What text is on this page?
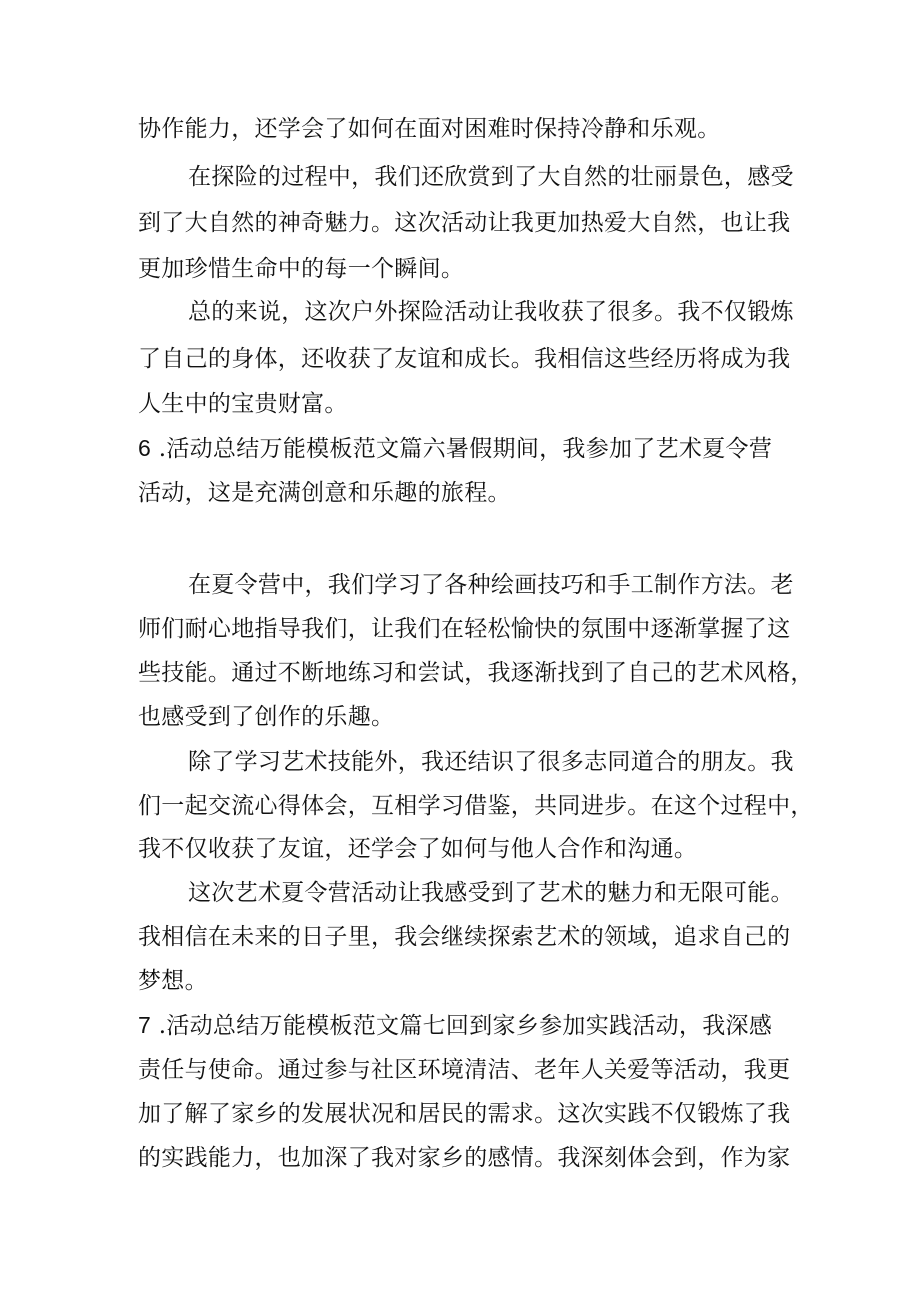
协作能力，还学会了如何在面对困难时保持冷静和乐观。
在探险的过程中，我们还欣赏到了大自然的壮丽景色，感受
到了大自然的神奇魅力。这次活动让我更加热爱大自然，也让我
更加珍惜生命中的每一个瞬间。
总的来说，这次户外探险活动让我收获了很多。我不仅锻炼
了自己的身体，还收获了友谊和成长。我相信这些经历将成为我
人生中的宝贵财富。
6 .活动总结万能模板范文篇六暑假期间，我参加了艺术夏令营
活动，这是充满创意和乐趣的旅程。
在夏令营中，我们学习了各种绘画技巧和手工制作方法。老
师们耐心地指导我们，让我们在轻松愉快的氛围中逐渐掌握了这
些技能。通过不断地练习和尝试，我逐渐找到了自己的艺术风格，
也感受到了创作的乐趣。
除了学习艺术技能外，我还结识了很多志同道合的朋友。我
们一起交流心得体会，互相学习借鉴，共同进步。在这个过程中，
我不仅收获了友谊，还学会了如何与他人合作和沟通。
这次艺术夏令营活动让我感受到了艺术的魅力和无限可能。
我相信在未来的日子里，我会继续探索艺术的领域，追求自己的
梦想。
7 .活动总结万能模板范文篇七回到家乡参加实践活动，我深感
责任与使命。通过参与社区环境清洁、老年人关爱等活动，我更
加了解了家乡的发展状况和居民的需求。这次实践不仅锻炼了我
的实践能力，也加深了我对家乡的感情。我深刻体会到，作为家
